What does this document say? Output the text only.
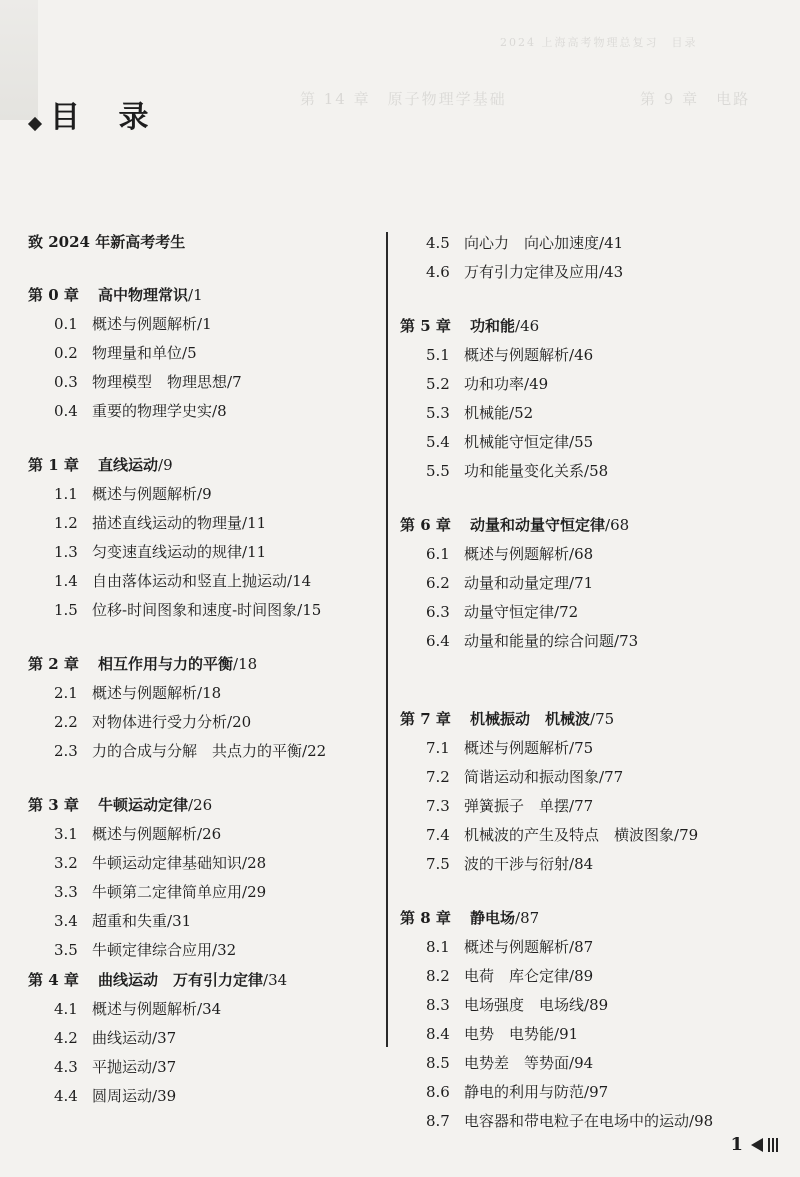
第 14 章　原子物理学基础	第 9 章　电路
2024 上海高考物理总复习　目录

目 录
致 2024 年新高考考生
第 0 章 高中物理常识/1
0.1 概述与例题解析/1
0.2 物理量和单位/5
0.3 物理模型　物理思想/7
0.4 重要的物理学史实/8
第 1 章 直线运动/9
1.1 概述与例题解析/9
1.2 描述直线运动的物理量/11
1.3 匀变速直线运动的规律/11
1.4 自由落体运动和竖直上抛运动/14
1.5 位移-时间图象和速度-时间图象/15
第 2 章 相互作用与力的平衡/18
2.1 概述与例题解析/18
2.2 对物体进行受力分析/20
2.3 力的合成与分解　共点力的平衡/22
第 3 章 牛顿运动定律/26
3.1 概述与例题解析/26
3.2 牛顿运动定律基础知识/28
3.3 牛顿第二定律简单应用/29
3.4 超重和失重/31
3.5 牛顿定律综合应用/32
第 4 章 曲线运动　万有引力定律/34
4.1 概述与例题解析/34
4.2 曲线运动/37
4.3 平抛运动/37
4.4 圆周运动/39
4.5 向心力　向心加速度/41
4.6 万有引力定律及应用/43
第 5 章 功和能/46
5.1 概述与例题解析/46
5.2 功和功率/49
5.3 机械能/52
5.4 机械能守恒定律/55
5.5 功和能量变化关系/58
第 6 章 动量和动量守恒定律/68
6.1 概述与例题解析/68
6.2 动量和动量定理/71
6.3 动量守恒定律/72
6.4 动量和能量的综合问题/73
第 7 章 机械振动　机械波/75
7.1 概述与例题解析/75
7.2 简谐运动和振动图象/77
7.3 弹簧振子　单摆/77
7.4 机械波的产生及特点　横波图象/79
7.5 波的干涉与衍射/84
第 8 章 静电场/87
8.1 概述与例题解析/87
8.2 电荷　库仑定律/89
8.3 电场强度　电场线/89
8.4 电势　电势能/91
8.5 电势差　等势面/94
8.6 静电的利用与防范/97
8.7 电容器和带电粒子在电场中的运动/98
1
